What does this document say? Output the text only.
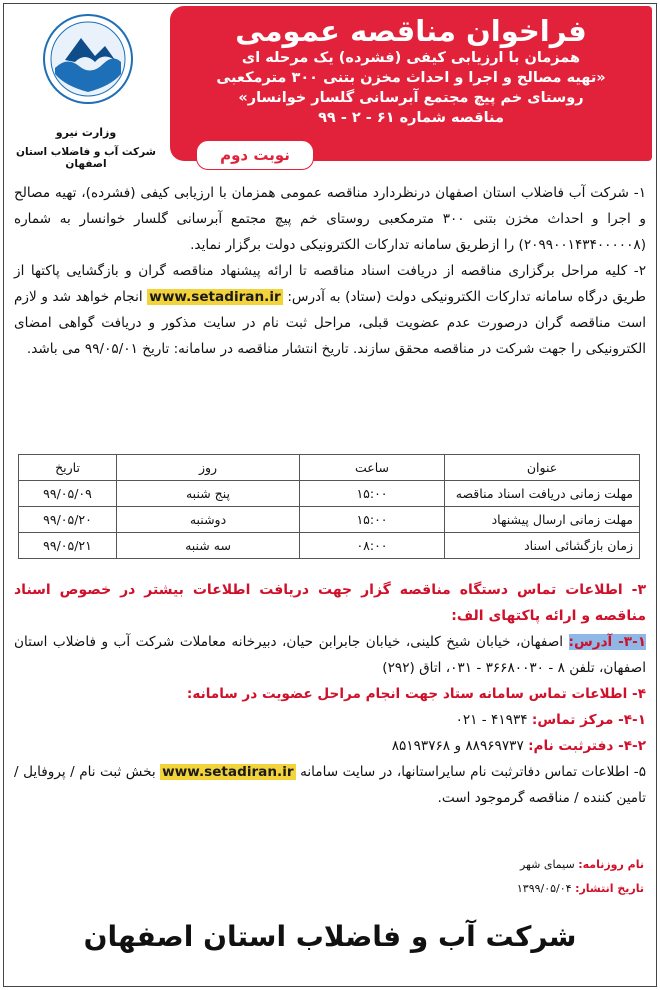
وزارت نیرو
شرکت آب و فاضلاب استان اصفهان
فراخوان مناقصه عمومی
همزمان با ارزیابی کیفی (فشرده) یک مرحله ای
«تهیه مصالح و اجرا و احداث مخزن بتنی ۳۰۰ مترمکعبی
روستای خم پیچ مجتمع آبرسانی گلسار خوانسار»
مناقصه شماره ۶۱ - ۲ - ۹۹
نوبت دوم

۱- شرکت آب فاضلاب استان اصفهان درنظردارد مناقصه عمومی همزمان با ارزیابی کیفی (فشرده)، تهیه مصالح و اجرا و احداث مخزن بتنی ۳۰۰ مترمکعبی روستای خم پیچ مجتمع آبرسانی گلسار خوانسار به شماره (۲۰۹۹۰۰۱۴۳۴۰۰۰۰۰۸) را ازطریق سامانه تدارکات الکترونیکی دولت برگزار نماید.

۲- کلیه مراحل برگزاری مناقصه از دریافت اسناد مناقصه تا ارائه پیشنهاد مناقصه گران و بازگشایی پاکتها از طریق درگاه سامانه تدارکات الکترونیکی دولت (ستاد) به آدرس: www.setadiran.ir انجام خواهد شد و لازم است مناقصه گران درصورت عدم عضویت قبلی، مراحل ثبت نام در سایت مذکور و دریافت گواهی امضای الکترونیکی را جهت شرکت در مناقصه محقق سازند. تاریخ انتشار مناقصه در سامانه: تاریخ ۹۹/۰۵/۰۱ می باشد.

عنوان	ساعت	روز	تاریخ
مهلت زمانی دریافت اسناد مناقصه	۱۵:۰۰	پنج شنبه	۹۹/۰۵/۰۹
مهلت زمانی ارسال پیشنهاد	۱۵:۰۰	دوشنبه	۹۹/۰۵/۲۰
زمان بازگشائی اسناد	۰۸:۰۰	سه شنبه	۹۹/۰۵/۲۱

۳- اطلاعات تماس دستگاه مناقصه گزار جهت دریافت اطلاعات بیشتر در خصوص اسناد مناقصه و ارائه پاکتهای الف:

۳-۱- آدرس: اصفهان، خیابان شیخ کلینی، خیابان جابرابن حیان، دبیرخانه معاملات شرکت آب و فاضلاب استان اصفهان، تلفن ۸ - ۳۶۶۸۰۰۳۰ - ۰۳۱، اتاق (۲۹۲)

۴- اطلاعات تماس سامانه ستاد جهت انجام مراحل عضویت در سامانه:

۴-۱- مرکز تماس: ۴۱۹۳۴ - ۰۲۱

۴-۲- دفترثبت نام: ۸۸۹۶۹۷۳۷ و ۸۵۱۹۳۷۶۸

۵- اطلاعات تماس دفاترثبت نام سایراستانها، در سایت سامانه www.setadiran.ir بخش ثبت نام / پروفایل / تامین کننده / مناقصه گرموجود است.

نام روزنامه: سیمای شهر
تاریخ انتشار: ۱۳۹۹/۰۵/۰۴
شرکت آب و فاضلاب استان اصفهان
